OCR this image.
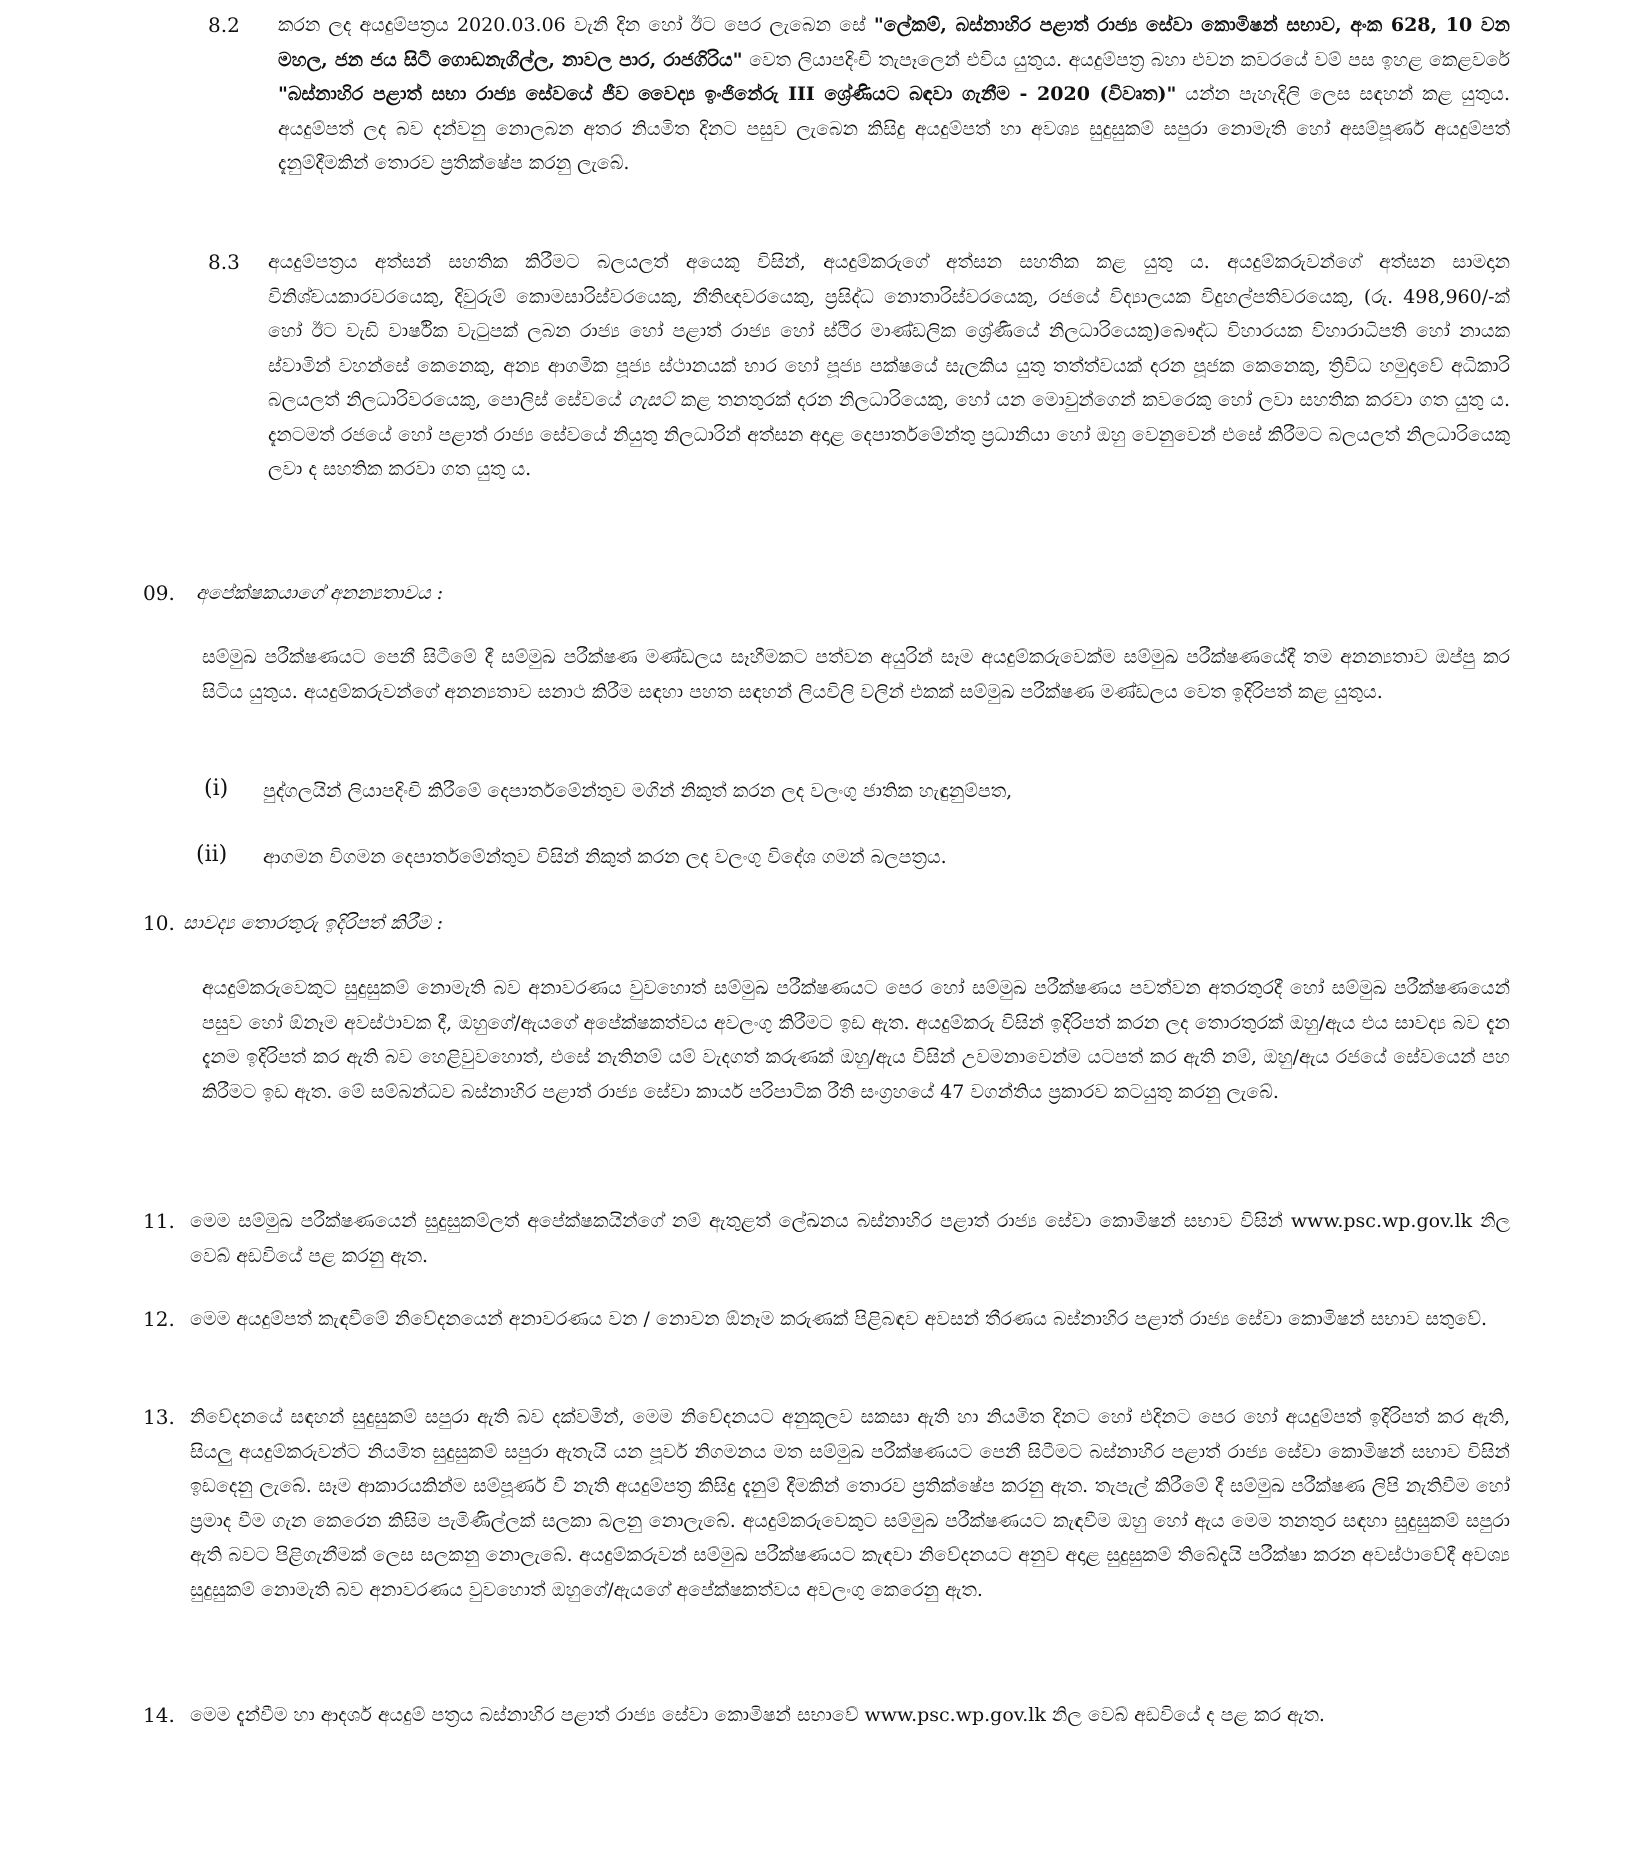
8.2 කරන ලද අයදුම්පත්‍රය 2020.03.06 වැනි දින හෝ ඊට පෙර ලැබෙන සේ "ලේකම්, බස්නාහිර පළාත් රාජ්‍ය සේවා කොමිෂන් සභාව, අංක 628, 10 වන මහල, ජන ජය සිටි ගොඩනැගිල්ල, නාවල පාර, රාජගිරිය" වෙත ලියාපදිංචි තැපෑලෙන් එවිය යුතුය. අයදුම්පත්‍ර බහා එවන කවරයේ වම් පස ඉහළ කෙළවරේ "බස්නාහිර පළාත් සභා රාජ්‍ය සේවයේ ජීව වෛද්‍ය ඉංජිනේරු III ශ්‍රේණියට බඳවා ගැනීම - 2020 (විවෘත)" යන්න පැහැදිලි ලෙස සඳහන් කළ යුතුය. අයදුම්පත් ලද බව දන්වනු නොලබන අතර නියමිත දිනට පසුව ලැබෙන කිසිදු අයදුම්පත් හා අවශ්‍ය සුදුසුකම් සපුරා නොමැති හෝ අසම්පූර්ණ අයදුම්පත් දැනුම්දීමකින් තොරව ප්‍රතික්ෂේප කරනු ලැබේ.
8.3 අයදුම්පත්‍රය අත්සන් සහතික කිරීමට බලයලත් අයෙකු විසින්, අයදුම්කරුගේ අත්සන සහතික කළ යුතු ය. අයදුම්කරුවන්ගේ අත්සන සාමදාන විනිශ්චයකාරවරයෙකු, දිවුරුම් කොමසාරිස්වරයෙකු, නීතිඥවරයෙකු, ප්‍රසිද්ධ නොතාරිස්වරයෙකු, රජයේ විද්‍යාලයක විදුහල්පතිවරයෙකු, (රු. 498,960/-ක් හෝ ඊට වැඩි වාර්ෂික වැටුපක් ලබන රාජ්‍ය හෝ පළාත් රාජ්‍ය හෝ ස්ථිර මාණ්ඩලික ශ්‍රේණියේ නිලධාරියෙකු)බෞද්ධ විහාරයක විහාරාධිපති හෝ නායක ස්වාමින් වහන්සේ කෙනෙකු, අන්‍ය ආගමික පූජ්‍ය ස්ථානයක් භාර හෝ පූජ්‍ය පක්ෂයේ සැලකිය යුතු තත්ත්වයක් දරන පූජක කෙනෙකු, ත්‍රිවිධ හමුදාවේ අධිකාරි බලයලත් නිලධාරිවරයෙකු, පොලිස් සේවයේ ගැසට් කළ තනතුරක් දරන නිලධාරියෙකු, හෝ යන මොවුන්ගෙන් කවරෙකු හෝ ලවා සහතික කරවා ගත යුතු ය. දැනටමත් රජයේ හෝ පළාත් රාජ්‍ය සේවයේ නියුතු නිලධාරින් අත්සන අදාළ දෙපාර්තමේන්තු ප්‍රධානියා හෝ ඔහු වෙනුවෙන් එසේ කිරීමට බලයලත් නිලධාරියෙකු ලවා ද සහතික කරවා ගත යුතු ය.
09. අපේක්ෂකයාගේ අනන්‍යතාවය :
සම්මුඛ පරීක්ෂණයට පෙනී සිටීමේ දී සම්මුඛ පරීක්ෂණ මණ්ඩලය සෑහීමකට පත්වන අයුරින් සෑම අයදුම්කරුවෙක්ම සම්මුඛ පරීක්ෂණයේදී තම අනන්‍යතාව ඔප්පු කර සිටිය යුතුය. අයදුම්කරුවන්ගේ අනන්‍යතාව සනාථ කිරීම සඳහා පහත සඳහන් ලියවිලි වලින් එකක් සම්මුඛ පරීක්ෂණ මණ්ඩලය වෙත ඉදිරිපත් කළ යුතුය.
(i) පුද්ගලයින් ලියාපදිංචි කිරීමේ දෙපාර්තමේන්තුව මගින් නිකුත් කරන ලද වලංගු ජාතික හැඳුනුම්පත,
(ii) ආගමන විගමන දෙපාර්තමේන්තුව විසින් නිකුත් කරන ලද වලංගු විදේශ ගමන් බලපත්‍රය.
10. සාවද්‍ය තොරතුරු ඉදිරිපත් කිරීම :
අයදුම්කරුවෙකුට සුදුසුකම් නොමැති බව අනාවරණය වුවහොත් සම්මුඛ පරීක්ෂණයට පෙර හෝ සම්මුඛ පරීක්ෂණය පවත්වන අතරතුරදී හෝ සම්මුඛ පරීක්ෂණයෙන් පසුව හෝ ඕනෑම අවස්ථාවක දී, ඔහුගේ/ඇයගේ අපේක්ෂකත්වය අවලංගු කිරීමට ඉඩ ඇත. අයදුම්කරු විසින් ඉදිරිපත් කරන ලද තොරතුරක් ඔහු/ඇය එය සාවද්‍ය බව දැන දැනම ඉදිරිපත් කර ඇති බව හෙළිවුවහොත්, එසේ නැතිනම් යම් වැදගත් කරුණක් ඔහු/ඇය විසින් උවමනාවෙන්ම යටපත් කර ඇති නම්, ඔහු/ඇය රජයේ සේවයෙන් පහ කිරීමට ඉඩ ඇත. මේ සම්බන්ධව බස්නාහිර පළාත් රාජ්‍ය සේවා කාර්ය පරිපාටික රීති සංග්‍රහයේ 47 වගන්තිය ප්‍රකාරව කටයුතු කරනු ලැබේ.
11. මෙම සම්මුඛ පරීක්ෂණයෙන් සුදුසුකම්ලත් අපේක්ෂකයින්ගේ නම් ඇතුළත් ලේඛනය බස්නාහිර පළාත් රාජ්‍ය සේවා කොමිෂන් සභාව විසින් www.psc.wp.gov.lk නිල වෙබ් අඩවියේ පළ කරනු ඇත.
12. මෙම අයදුම්පත් කැඳවීමේ නිවේදනයෙන් අනාවරණය වන / නොවන ඕනෑම කරුණක් පිළිබඳව අවසන් තීරණය බස්නාහිර පළාත් රාජ්‍ය සේවා කොමිෂන් සභාව සතුවේ.
13. නිවේදනයේ සඳහන් සුදුසුකම් සපුරා ඇති බව දක්වමින්, මෙම නිවේදනයට අනුකූලව සකසා ඇති හා නියමිත දිනට හෝ එදිනට පෙර හෝ අයදුම්පත් ඉදිරිපත් කර ඇති, සියලු අයදුම්කරුවන්ට නියමිත සුදුසුකම් සපුරා ඇතැයි යන පූර්ව නිගමනය මත සම්මුඛ පරීක්ෂණයට පෙනී සිටීමට බස්නාහිර පළාත් රාජ්‍ය සේවා කොමිෂන් සභාව විසින් ඉඩදෙනු ලැබේ. සෑම ආකාරයකින්ම සම්පූර්ණ වී නැති අයදුම්පත්‍ර කිසිදු දැනුම් දීමකින් තොරව ප්‍රතික්ෂේප කරනු ඇත. තැපැල් කිරීමේ දී සම්මුඛ පරීක්ෂණ ලිපි නැතිවීම හෝ ප්‍රමාද වීම ගැන කෙරෙන කිසිම පැමිණිල්ලක් සලකා බලනු නොලැබේ. අයදුම්කරුවෙකුට සම්මුඛ පරීක්ෂණයට කැඳවීම ඔහු හෝ ඇය මෙම තනතුර සඳහා සුදුසුකම් සපුරා ඇති බවට පිළිගැනීමක් ලෙස සලකනු නොලැබේ. අයදුම්කරුවන් සම්මුඛ පරීක්ෂණයට කැඳවා නිවේදනයට අනුව අදාළ සුදුසුකම් තිබේදැයි පරීක්ෂා කරන අවස්ථාවේදී අවශ්‍ය සුදුසුකම් නොමැති බව අනාවරණය වුවහොත් ඔහුගේ/ඇයගේ අපේක්ෂකත්වය අවලංගු කෙරෙනු ඇත.
14. මෙම දැන්වීම හා ආදර්ශ අයදුම් පත්‍රය බස්නාහිර පළාත් රාජ්‍ය සේවා කොමිෂන් සභාවේ www.psc.wp.gov.lk නිල වෙබ් අඩවියේ ද පළ කර ඇත.
